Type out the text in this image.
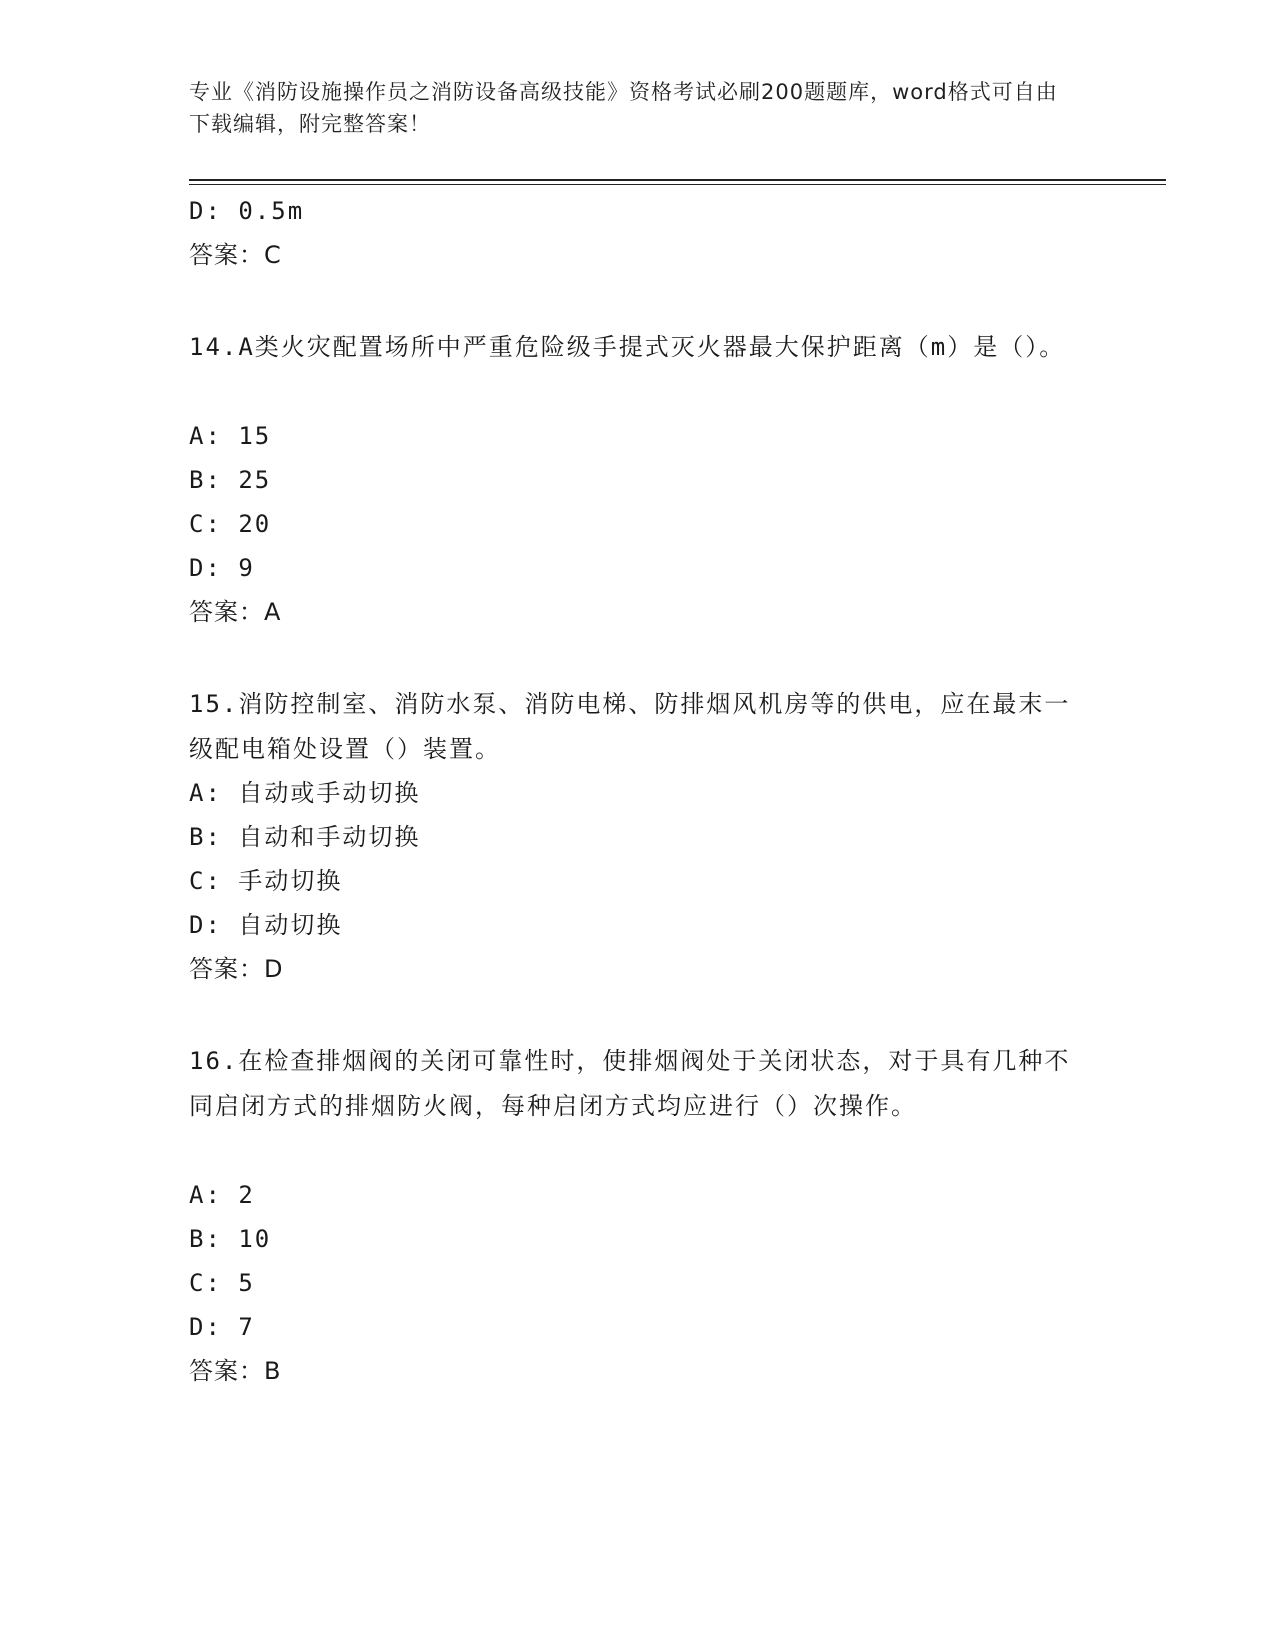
专业《消防设施操作员之消防设备高级技能》资格考试必刷200题题库，word格式可自由下载编辑，附完整答案！
D: 0.5m
答案：C
14.A类火灾配置场所中严重危险级手提式灭火器最大保护距离（m）是（）。
A: 15
B: 25
C: 20
D: 9
答案：A
15.消防控制室、消防水泵、消防电梯、防排烟风机房等的供电，应在最末一级配电箱处设置（）装置。
A: 自动或手动切换
B: 自动和手动切换
C: 手动切换
D: 自动切换
答案：D
16.在检查排烟阀的关闭可靠性时，使排烟阀处于关闭状态，对于具有几种不同启闭方式的排烟防火阀，每种启闭方式均应进行（）次操作。
A: 2
B: 10
C: 5
D: 7
答案：B
